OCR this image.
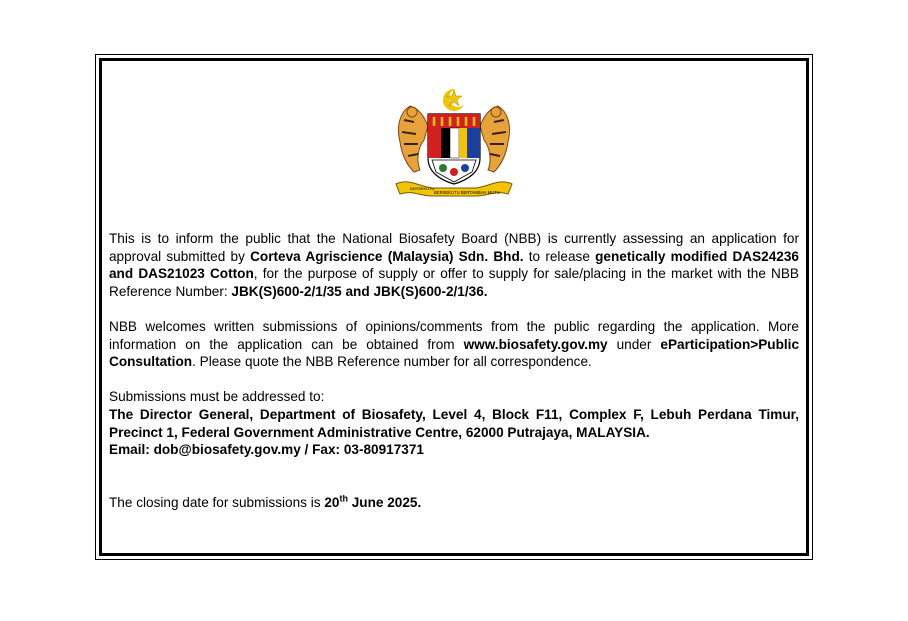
BERSEKUTU
BERSEKUTU BERTAMBAH MUTU

This is to inform the public that the National Biosafety Board (NBB) is currently assessing an application for approval submitted by Corteva Agriscience (Malaysia) Sdn. Bhd. to release genetically modified DAS24236 and DAS21023 Cotton, for the purpose of supply or offer to supply for sale/placing in the market with the NBB Reference Number: JBK(S)600-2/1/35 and JBK(S)600-2/1/36.

NBB welcomes written submissions of opinions/comments from the public regarding the application. More information on the application can be obtained from www.biosafety.gov.my under eParticipation>Public Consultation. Please quote the NBB Reference number for all correspondence.

Submissions must be addressed to:

The Director General, Department of Biosafety, Level 4, Block F11, Complex F, Lebuh Perdana Timur, Precinct 1, Federal Government Administrative Centre, 62000 Putrajaya, MALAYSIA.

Email: dob@biosafety.gov.my / Fax: 03-80917371

The closing date for submissions is 20th June 2025.
